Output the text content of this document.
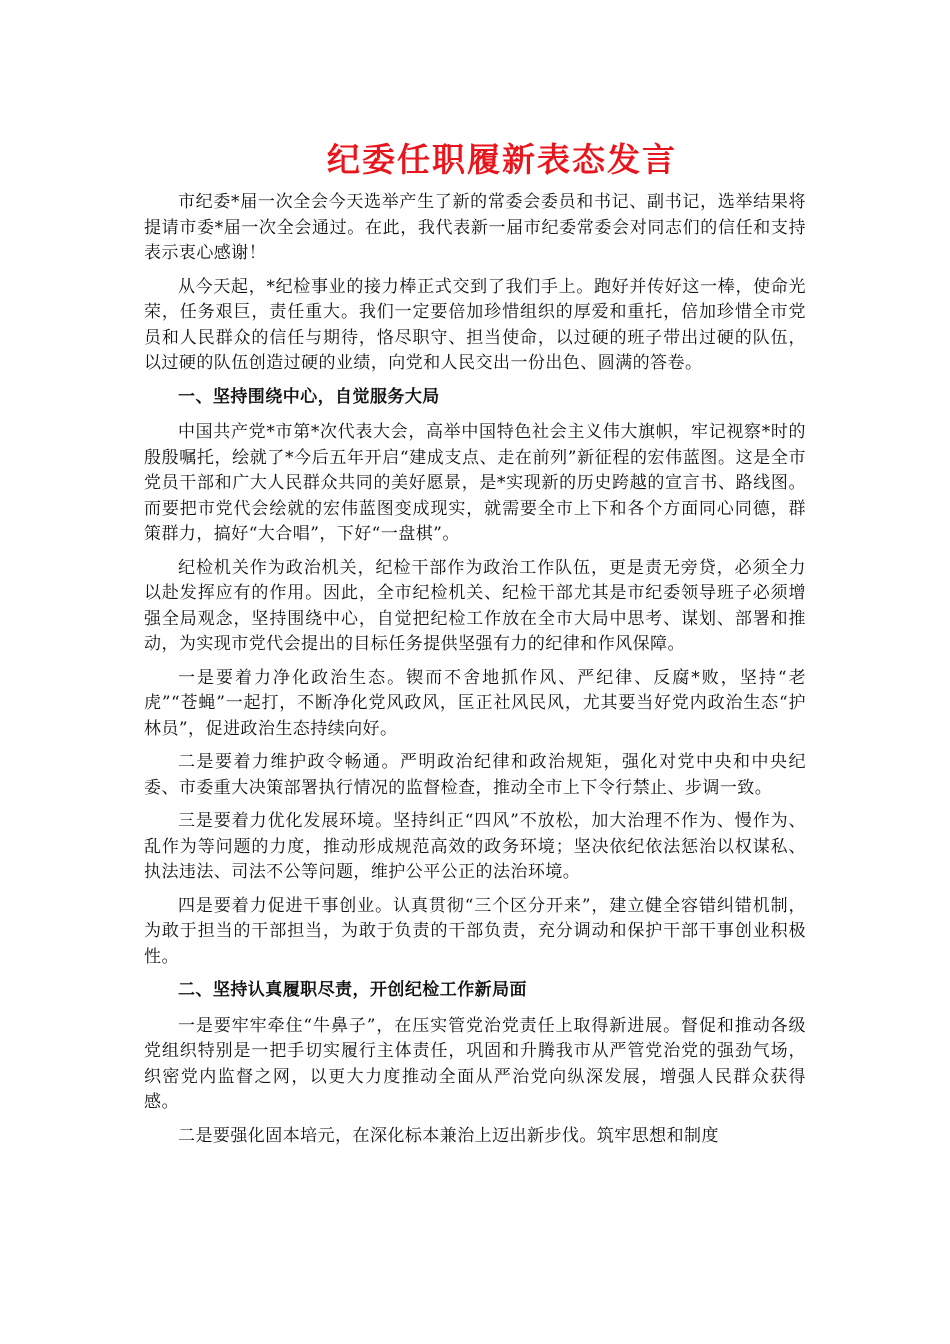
纪委任职履新表态发言

市纪委*届一次全会今天选举产生了新的常委会委员和书记、副书记，选举结果将提请市委*届一次全会通过。在此，我代表新一届市纪委常委会对同志们的信任和支持表示衷心感谢！

从今天起，*纪检事业的接力棒正式交到了我们手上。跑好并传好这一棒，使命光荣，任务艰巨，责任重大。我们一定要倍加珍惜组织的厚爱和重托，倍加珍惜全市党员和人民群众的信任与期待，恪尽职守、担当使命，以过硬的班子带出过硬的队伍，以过硬的队伍创造过硬的业绩，向党和人民交出一份出色、圆满的答卷。

一、坚持围绕中心，自觉服务大局

中国共产党*市第*次代表大会，高举中国特色社会主义伟大旗帜，牢记视察*时的殷殷嘱托，绘就了*今后五年开启“建成支点、走在前列”新征程的宏伟蓝图。这是全市党员干部和广大人民群众共同的美好愿景，是*实现新的历史跨越的宣言书、路线图。而要把市党代会绘就的宏伟蓝图变成现实，就需要全市上下和各个方面同心同德，群策群力，搞好“大合唱”，下好“一盘棋”。

纪检机关作为政治机关，纪检干部作为政治工作队伍，更是责无旁贷，必须全力以赴发挥应有的作用。因此，全市纪检机关、纪检干部尤其是市纪委领导班子必须增强全局观念，坚持围绕中心，自觉把纪检工作放在全市大局中思考、谋划、部署和推动，为实现市党代会提出的目标任务提供坚强有力的纪律和作风保障。

一是要着力净化政治生态。锲而不舍地抓作风、严纪律、反腐*败，坚持“老虎”“苍蝇”一起打，不断净化党风政风，匡正社风民风，尤其要当好党内政治生态“护林员”，促进政治生态持续向好。

二是要着力维护政令畅通。严明政治纪律和政治规矩，强化对党中央和中央纪委、市委重大决策部署执行情况的监督检查，推动全市上下令行禁止、步调一致。

三是要着力优化发展环境。坚持纠正“四风”不放松，加大治理不作为、慢作为、乱作为等问题的力度，推动形成规范高效的政务环境；坚决依纪依法惩治以权谋私、执法违法、司法不公等问题，维护公平公正的法治环境。

四是要着力促进干事创业。认真贯彻“三个区分开来”，建立健全容错纠错机制，为敢于担当的干部担当，为敢于负责的干部负责，充分调动和保护干部干事创业积极性。

二、坚持认真履职尽责，开创纪检工作新局面

一是要牢牢牵住“牛鼻子”，在压实管党治党责任上取得新进展。督促和推动各级党组织特别是一把手切实履行主体责任，巩固和升腾我市从严管党治党的强劲气场，织密党内监督之网，以更大力度推动全面从严治党向纵深发展，增强人民群众获得感。

二是要强化固本培元，在深化标本兼治上迈出新步伐。筑牢思想和制度
